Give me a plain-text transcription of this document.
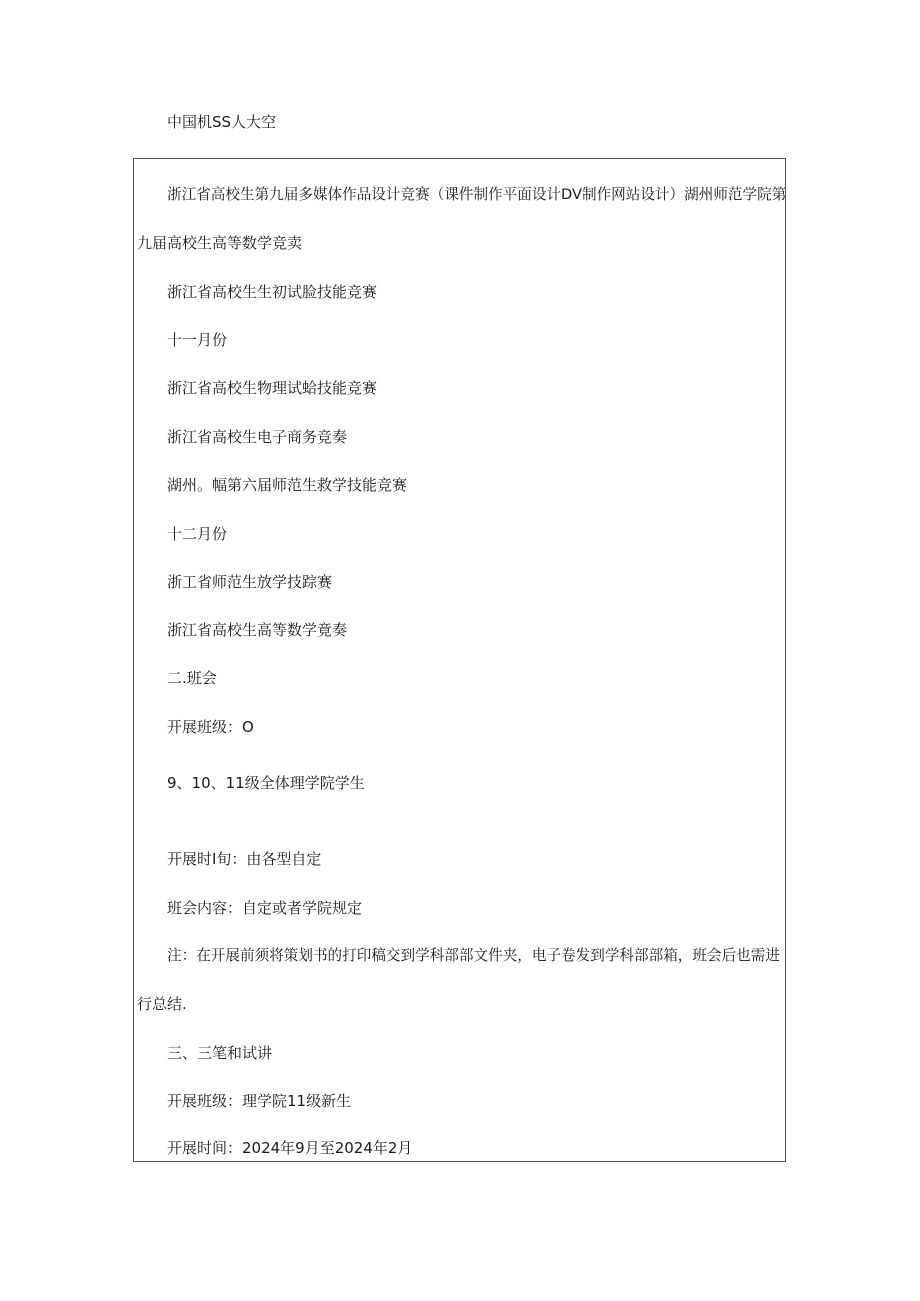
中国机SS人大空
浙江省高校生第九届多媒体作品设计竞赛（课件制作平面设计DV制作网站设计）湖州师范学院第
九届高校生高等数学竞卖
浙江省高校生生初试脸技能竞赛
十一月份
浙江省高校生物理试蛤技能竞赛
浙江省高校生电子商务竞奏
湖州。幅第六届师范生救学技能竞赛
十二月份
浙工省师范生放学技踪赛
浙江省高校生高等数学竟奏
二.班会
开展班级：O
9、10、11级全体理学院学生
开展时I旬：由各型自定
班会内容：自定或者学院规定
注：在开展前须将策划书的打印稿交到学科部部文件夹，电子卷发到学科部部箱，班会后也需进
行总结.
三、三笔和试讲
开展班级：理学院11级新生
开展时间：2024年9月至2024年2月
